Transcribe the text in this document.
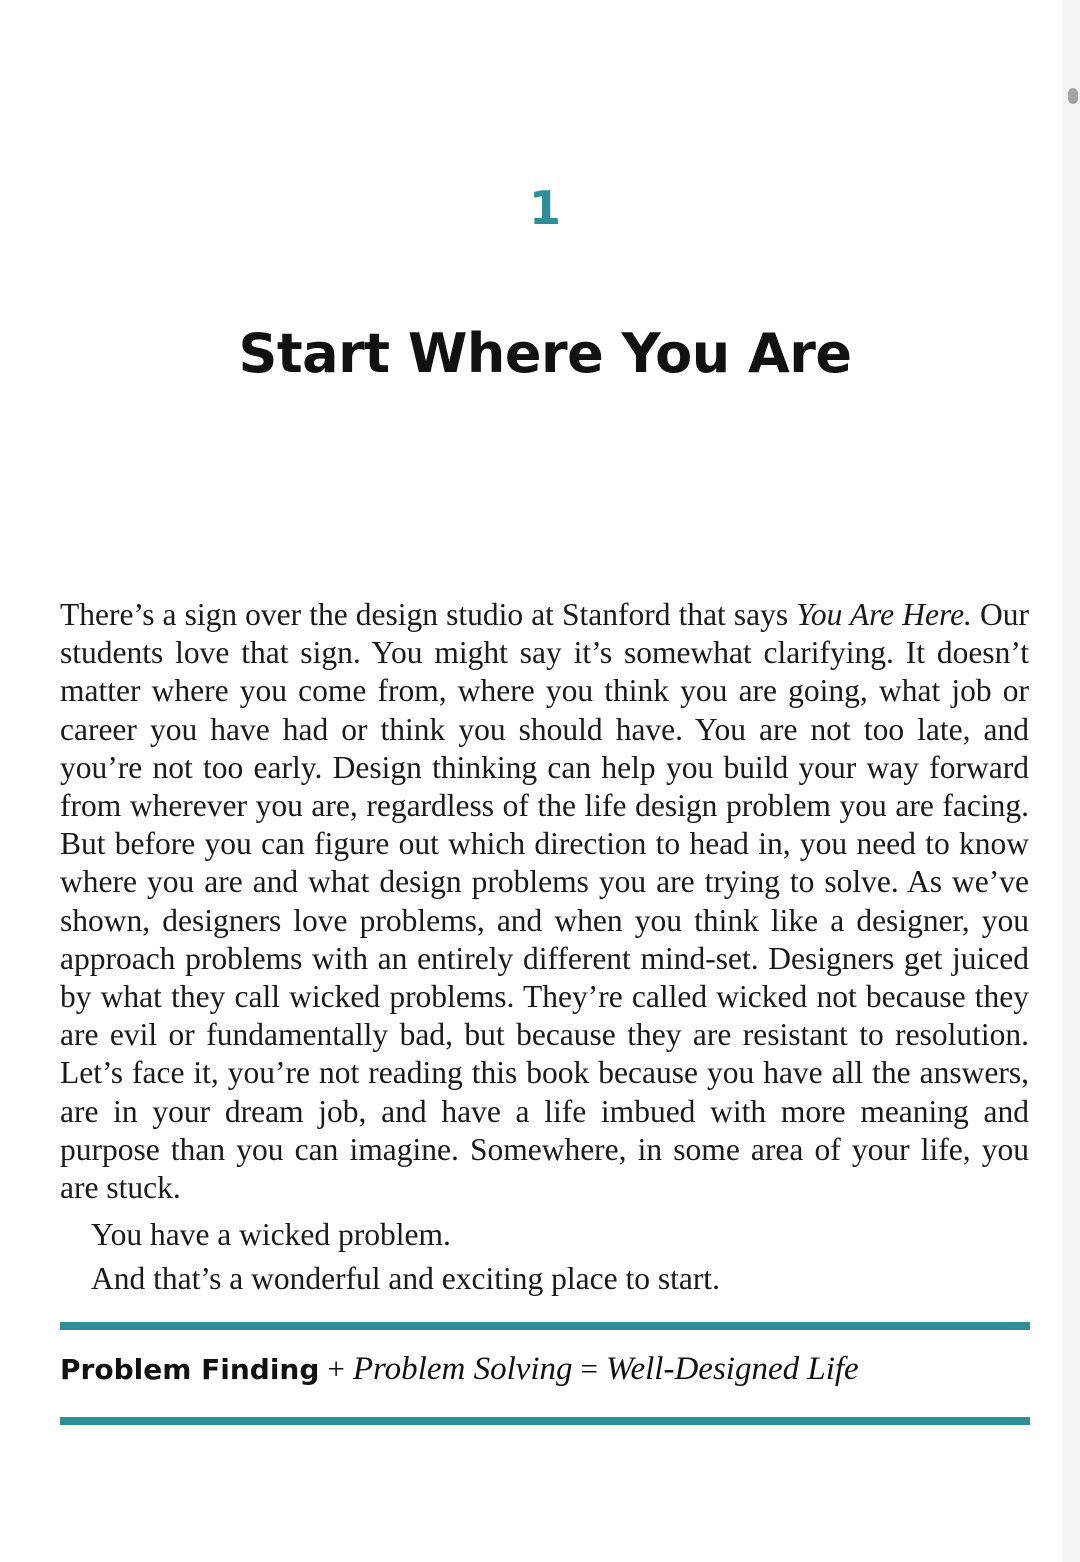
1
Start Where You Are

There’s a sign over the design studio at Stanford that says You Are Here. Our students love that sign. You might say it’s somewhat clarifying. It doesn’t matter where you come from, where you think you are going, what job or career you have had or think you should have. You are not too late, and you’re not too early. Design thinking can help you build your way forward from wherever you are, regardless of the life design problem you are facing. But before you can figure out which direction to head in, you need to know where you are and what design problems you are trying to solve. As we’ve shown, designers love problems, and when you think like a designer, you approach problems with an entirely different mind-set. Designers get juiced by what they call wicked problems. They’re called wicked not because they are evil or fundamentally bad, but because they are resistant to resolution. Let’s face it, you’re not reading this book because you have all the answers, are in your dream job, and have a life imbued with more meaning and purpose than you can imagine. Somewhere, in some area of your life, you are stuck.

You have a wicked problem.

And that’s a wonderful and exciting place to start.

Problem Finding + Problem Solving = Well-Designed Life
